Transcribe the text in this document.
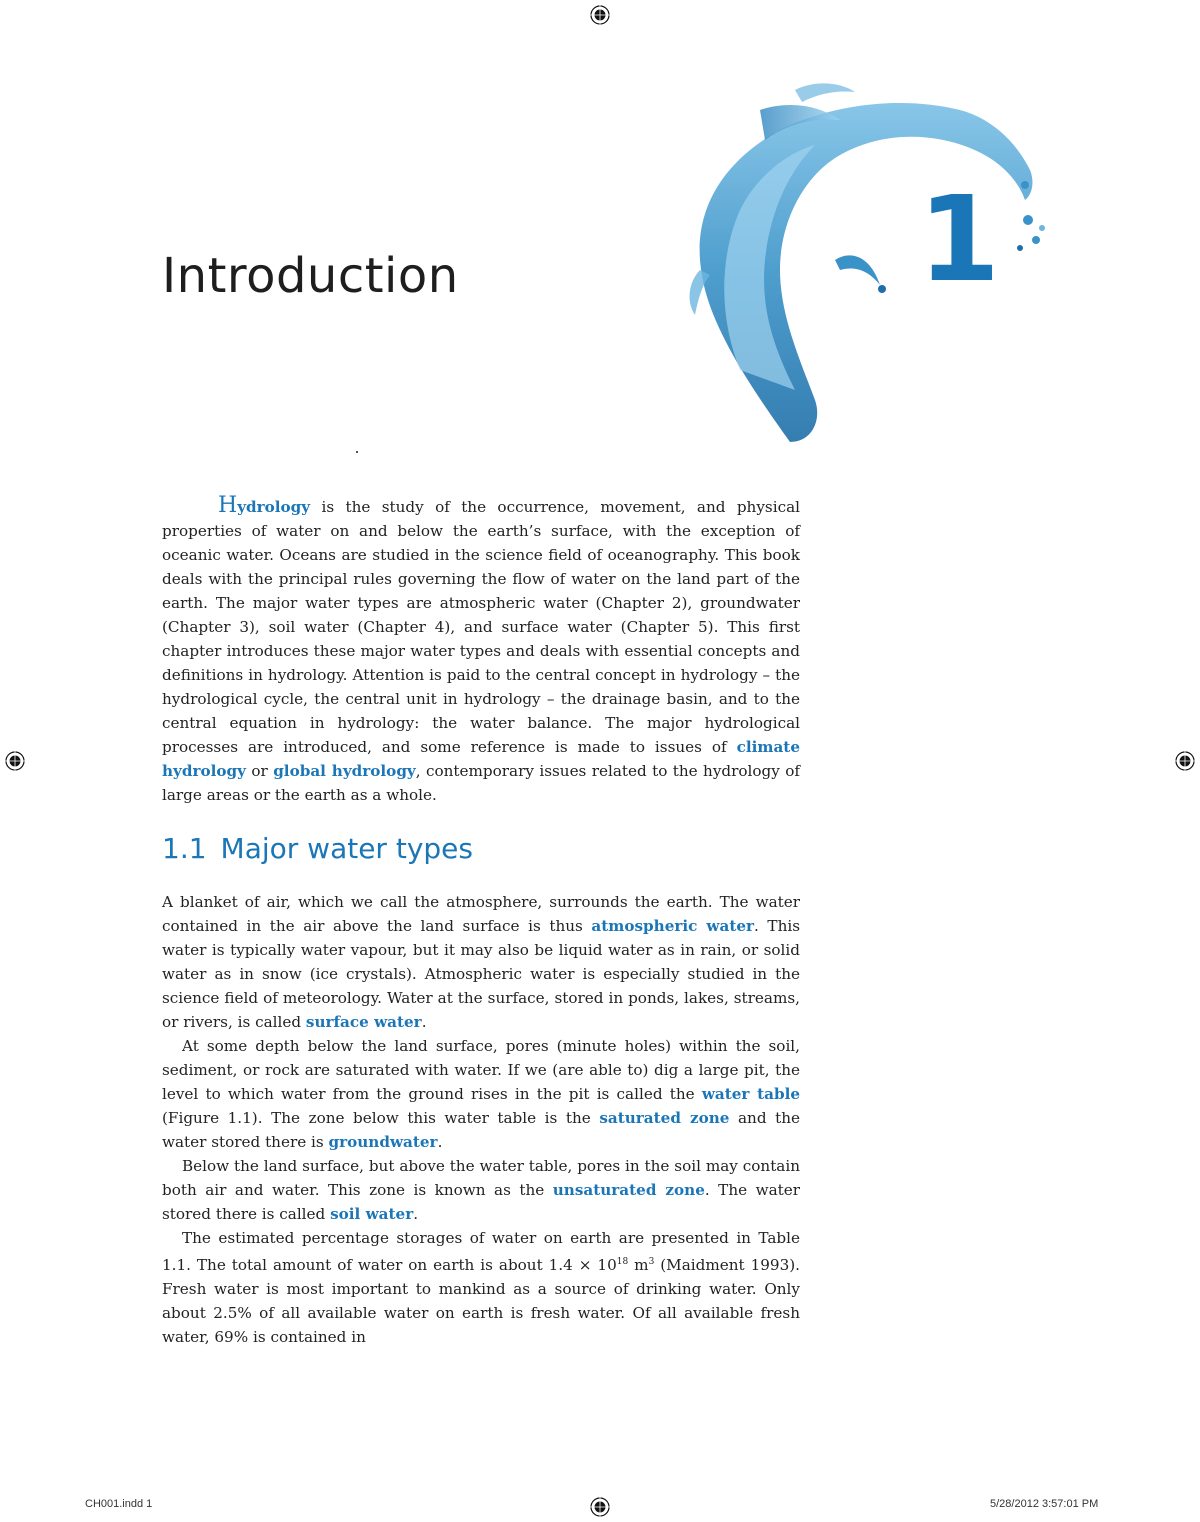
Introduction	1

Hydrology is the study of the occurrence, movement, and physical properties of water on and below the earth’s surface, with the exception of oceanic water. Oceans are studied in the science field of oceanography. This book deals with the principal rules governing the flow of water on the land part of the earth. The major water types are atmospheric water (Chapter 2), groundwater (Chapter 3), soil water (Chapter 4), and surface water (Chapter 5). This first chapter introduces these major water types and deals with essential concepts and definitions in hydrology. Attention is paid to the central concept in hydrology – the hydrological cycle, the central unit in hydrology – the drainage basin, and to the central equation in hydrology: the water balance. The major hydrological processes are introduced, and some reference is made to issues of climate hydrology or global hydrology, contemporary issues related to the hydrology of large areas or the earth as a whole.

1.1 Major water types

A blanket of air, which we call the atmosphere, surrounds the earth. The water contained in the air above the land surface is thus atmospheric water. This water is typically water vapour, but it may also be liquid water as in rain, or solid water as in snow (ice crystals). Atmospheric water is especially studied in the science field of meteorology. Water at the surface, stored in ponds, lakes, streams, or rivers, is called surface water.

At some depth below the land surface, pores (minute holes) within the soil, sediment, or rock are saturated with water. If we (are able to) dig a large pit, the level to which water from the ground rises in the pit is called the water table (Figure 1.1). The zone below this water table is the saturated zone and the water stored there is groundwater.

Below the land surface, but above the water table, pores in the soil may contain both air and water. This zone is known as the unsaturated zone. The water stored there is called soil water.

The estimated percentage storages of water on earth are presented in Table 1.1. The total amount of water on earth is about $1.4 \times 10^{18}$ $m^3$ (Maidment 1993). Fresh water is most important to mankind as a source of drinking water. Only about 2.5% of all available water on earth is fresh water. Of all available fresh water, 69% is contained in

CH001.indd 1	5/28/2012 3:57:01 PM
